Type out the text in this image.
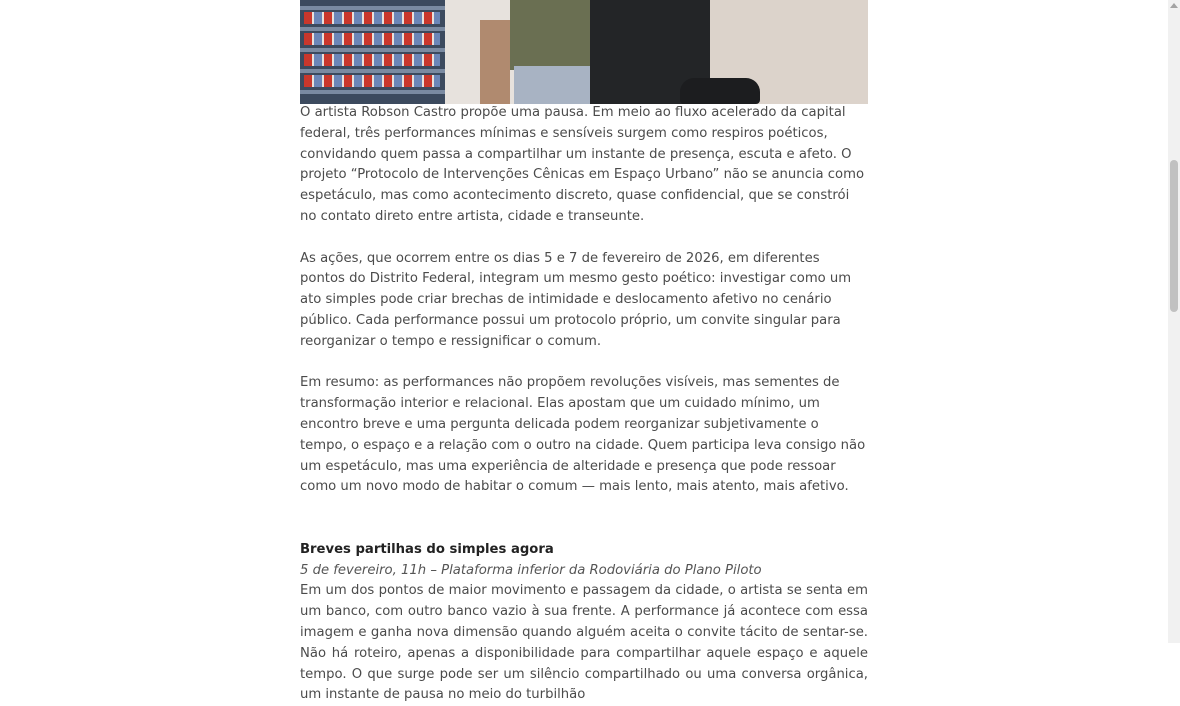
O artista Robson Castro propõe uma pausa. Em meio ao fluxo acelerado da capital federal, três performances mínimas e sensíveis surgem como respiros poéticos, convidando quem passa a compartilhar um instante de presença, escuta e afeto. O projeto “Protocolo de Intervenções Cênicas em Espaço Urbano” não se anuncia como espetáculo, mas como acontecimento discreto, quase confidencial, que se constrói no contato direto entre artista, cidade e transeunte.

As ações, que ocorrem entre os dias 5 e 7 de fevereiro de 2026, em diferentes pontos do Distrito Federal, integram um mesmo gesto poético: investigar como um ato simples pode criar brechas de intimidade e deslocamento afetivo no cenário público. Cada performance possui um protocolo próprio, um convite singular para reorganizar o tempo e ressignificar o comum.

Em resumo: as performances não propõem revoluções visíveis, mas sementes de transformação interior e relacional. Elas apostam que um cuidado mínimo, um encontro breve e uma pergunta delicada podem reorganizar subjetivamente o tempo, o espaço e a relação com o outro na cidade. Quem participa leva consigo não um espetáculo, mas uma experiência de alteridade e presença que pode ressoar como um novo modo de habitar o comum — mais lento, mais atento, mais afetivo.

Breves partilhas do simples agora
5 de fevereiro, 11h – Plataforma inferior da Rodoviária do Plano Piloto
Em um dos pontos de maior movimento e passagem da cidade, o artista se senta em um banco, com outro banco vazio à sua frente. A performance já acontece com essa imagem e ganha nova dimensão quando alguém aceita o convite tácito de sentar-se. Não há roteiro, apenas a disponibilidade para compartilhar aquele espaço e aquele tempo. O que surge pode ser um silêncio compartilhado ou uma conversa orgânica, um instante de pausa no meio do turbilhão
